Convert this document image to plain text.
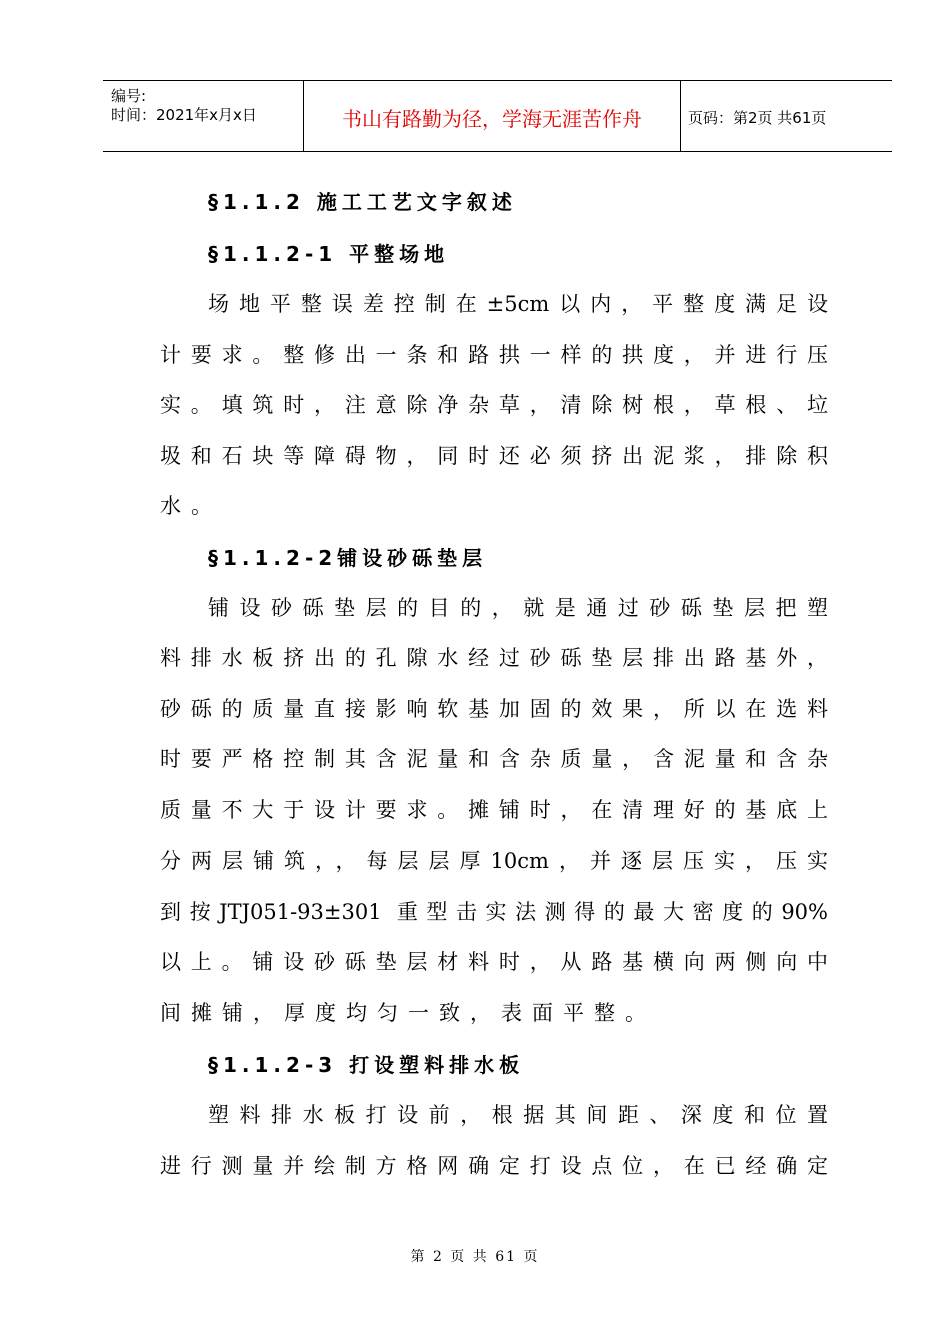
编号:
时间：2021年x月x日	书山有路勤为径，学海无涯苦作舟	页码：第2页 共61页
§1.1.2 施工工艺文字叙述
§1.1.2-1 平整场地
场地平整误差控制在±5cm以内，平整度满足设
计要求。整修出一条和路拱一样的拱度，并进行压
实。填筑时，注意除净杂草，清除树根，草根、垃
圾和石块等障碍物，同时还必须挤出泥浆，排除积
水。
§1.1.2-2铺设砂砾垫层
铺设砂砾垫层的目的，就是通过砂砾垫层把塑
料排水板挤出的孔隙水经过砂砾垫层排出路基外，
砂砾的质量直接影响软基加固的效果，所以在选料
时要严格控制其含泥量和含杂质量，含泥量和含杂
质量不大于设计要求。摊铺时，在清理好的基底上
分两层铺筑，，每层层厚10cm，并逐层压实，压实
到按JTJ051-93±301 重型击实法测得的最大密度的90%
以上。铺设砂砾垫层材料时，从路基横向两侧向中
间摊铺，厚度均匀一致，表面平整。
§1.1.2-3 打设塑料排水板
塑料排水板打设前，根据其间距、深度和位置
进行测量并绘制方格网确定打设点位，在已经确定
第 2 页 共 61 页
